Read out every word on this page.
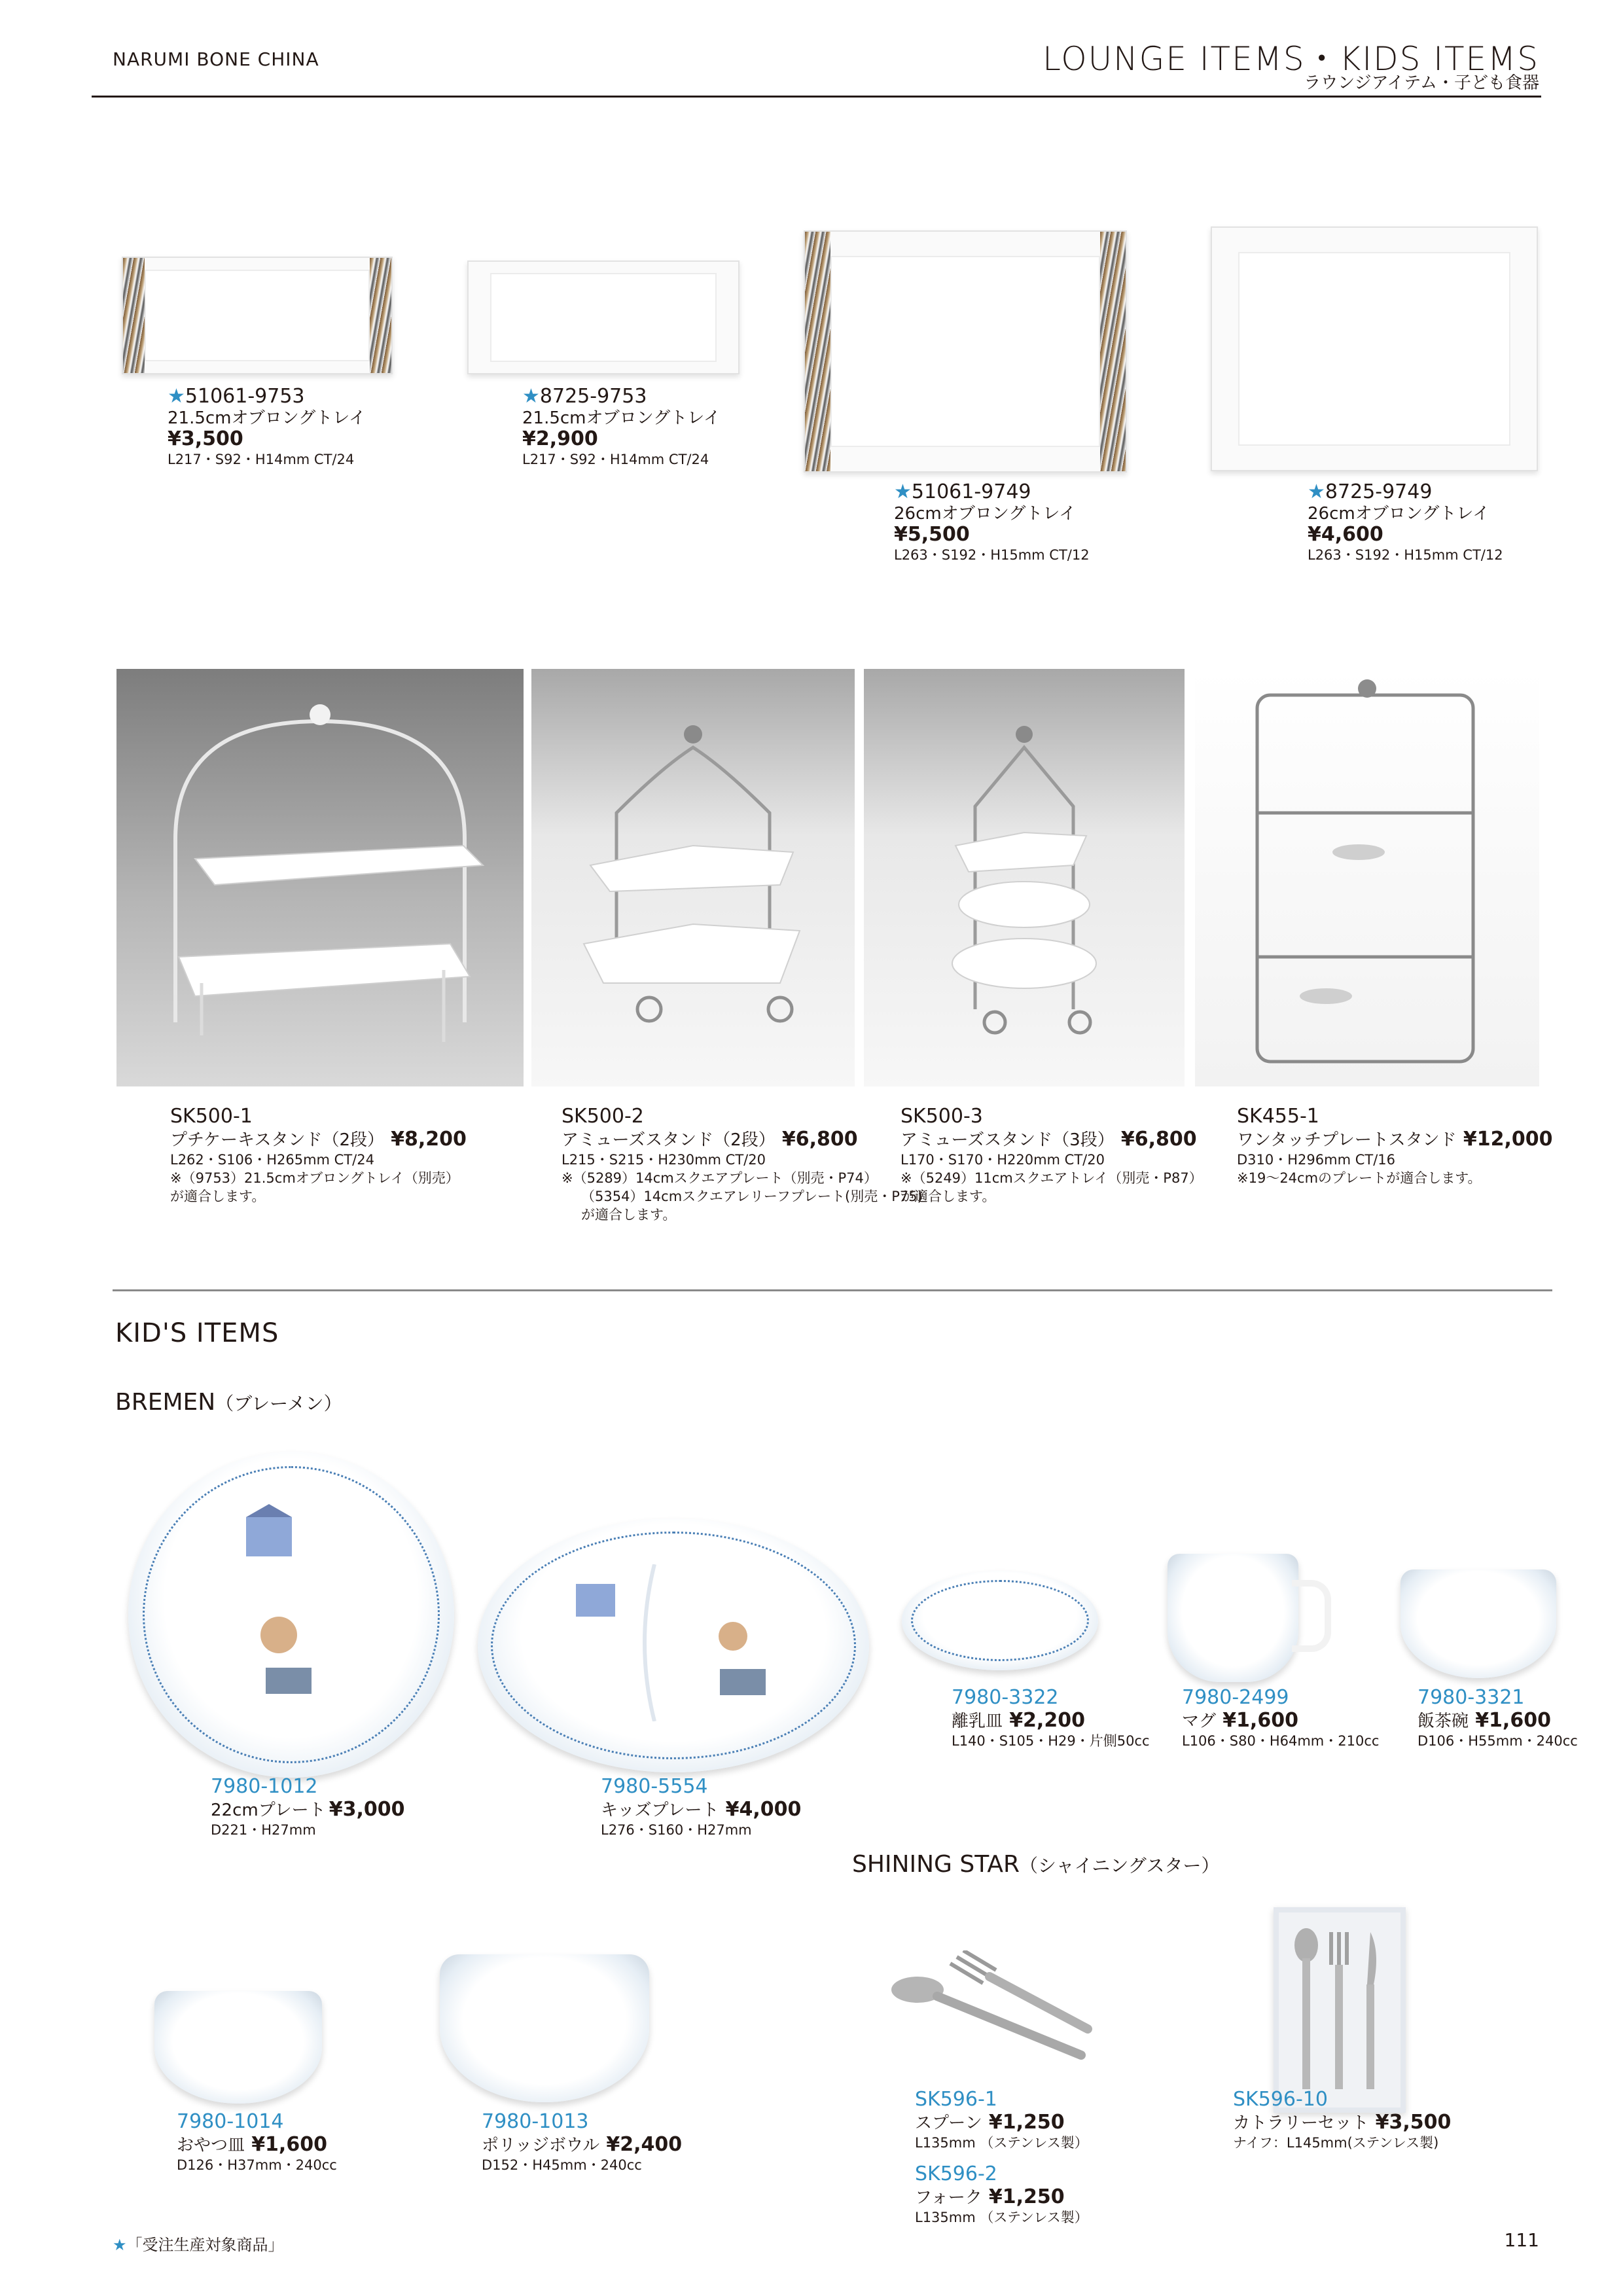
NARUMI BONE CHINA	LOUNGE ITEMS・KIDS ITEMS
ラウンジアイテム・子ども食器
★51061-9753
21.5cmオブロングトレイ
¥3,500
L217・S92・H14mm CT/24
★8725-9753
21.5cmオブロングトレイ
¥2,900
L217・S92・H14mm CT/24
★51061-9749
26cmオブロングトレイ
¥5,500
L263・S192・H15mm CT/12
★8725-9749
26cmオブロングトレイ
¥4,600
L263・S192・H15mm CT/12
SK500-1
プチケーキスタンド（2段） ¥8,200
L262・S106・H265mm CT/24
※（9753）21.5cmオブロングトレイ（別売）
が適合します。
SK500-2
アミューズスタンド（2段） ¥6,800
L215・S215・H230mm CT/20
※（5289）14cmスクエアプレート（別売・P74）
（5354）14cmスクエアレリーフプレート(別売・P75)
が適合します。
SK500-3
アミューズスタンド（3段） ¥6,800
L170・S170・H220mm CT/20
※（5249）11cmスクエアトレイ（別売・P87）
が適合します。
SK455-1
ワンタッチプレートスタンド ¥12,000
D310・H296mm CT/16
※19〜24cmのプレートが適合します。
KID'S ITEMS
BREMEN（ブレーメン）
7980-1012
22cmプレート ¥3,000
D221・H27mm
7980-5554
キッズプレート ¥4,000
L276・S160・H27mm
7980-3322
離乳皿 ¥2,200
L140・S105・H29・片側50cc
7980-2499
マグ ¥1,600
L106・S80・H64mm・210cc
7980-3321
飯茶碗 ¥1,600
D106・H55mm・240cc
SHINING STAR（シャイニングスター）
7980-1014
おやつ皿 ¥1,600
D126・H37mm・240cc
7980-1013
ポリッジボウル ¥2,400
D152・H45mm・240cc
SK596-1
スプーン ¥1,250
L135mm （ステンレス製）
SK596-2
フォーク ¥1,250
L135mm （ステンレス製）
SK596-10
カトラリーセット ¥3,500
ナイフ：L145mm(ステンレス製)
★「受注生産対象商品」	111
